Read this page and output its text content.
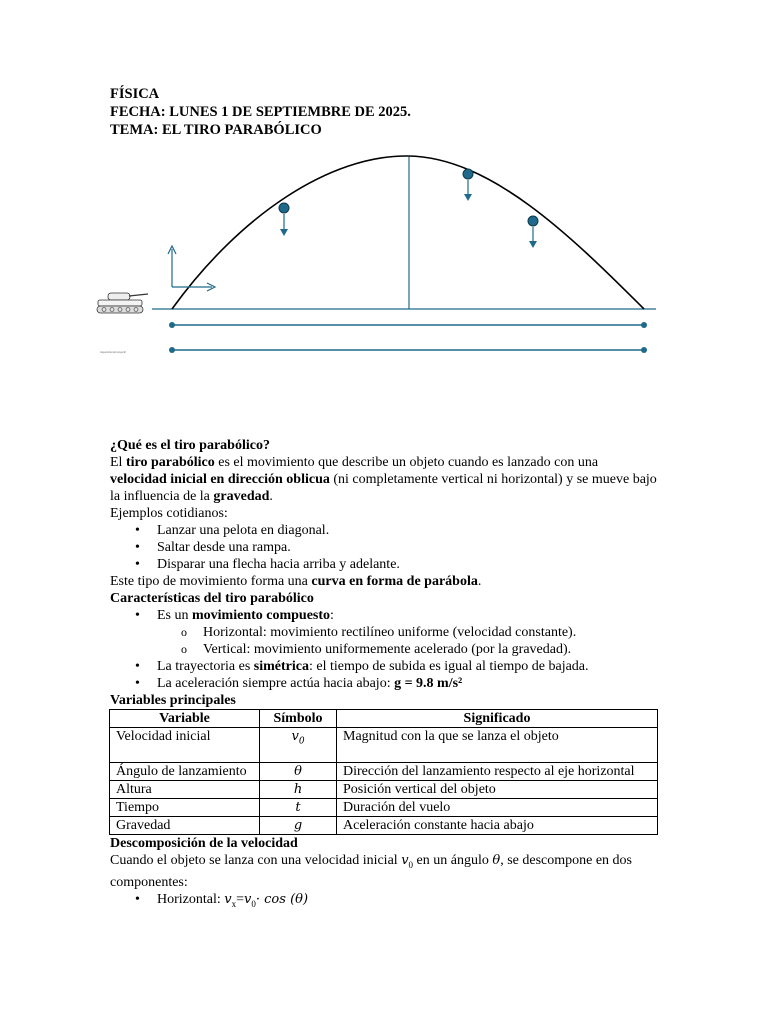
FÍSICA

FECHA: LUNES 1 DE SEPTIEMBRE DE 2025.

TEMA: EL TIRO PARABÓLICO

trayectoria del proyectil

¿Qué es el tiro parabólico?

El tiro parabólico es el movimiento que describe un objeto cuando es lanzado con una velocidad inicial en dirección oblicua (ni completamente vertical ni horizontal) y se mueve bajo la influencia de la gravedad.

Ejemplos cotidianos:

• Lanzar una pelota en diagonal.
• Saltar desde una rampa.
• Disparar una flecha hacia arriba y adelante.

Este tipo de movimiento forma una curva en forma de parábola.

Características del tiro parabólico

• Es un movimiento compuesto:
o Horizontal: movimiento rectilíneo uniforme (velocidad constante).
o Vertical: movimiento uniformemente acelerado (por la gravedad).
• La trayectoria es simétrica: el tiempo de subida es igual al tiempo de bajada.
• La aceleración siempre actúa hacia abajo: g = 9.8 m/s²

Variables principales

Variable	Símbolo	Significado
Velocidad inicial	$v_0$	Magnitud con la que se lanza el objeto
Ángulo de lanzamiento	θ	Dirección del lanzamiento respecto al eje horizontal
Altura	h	Posición vertical del objeto
Tiempo	t	Duración del vuelo
Gravedad	g	Aceleración constante hacia abajo

Descomposición de la velocidad

Cuando el objeto se lanza con una velocidad inicial $v_0$ en un ángulo θ, se descompone en dos componentes:

• Horizontal: $v_x=v_0\cdot \cos (\theta)$
